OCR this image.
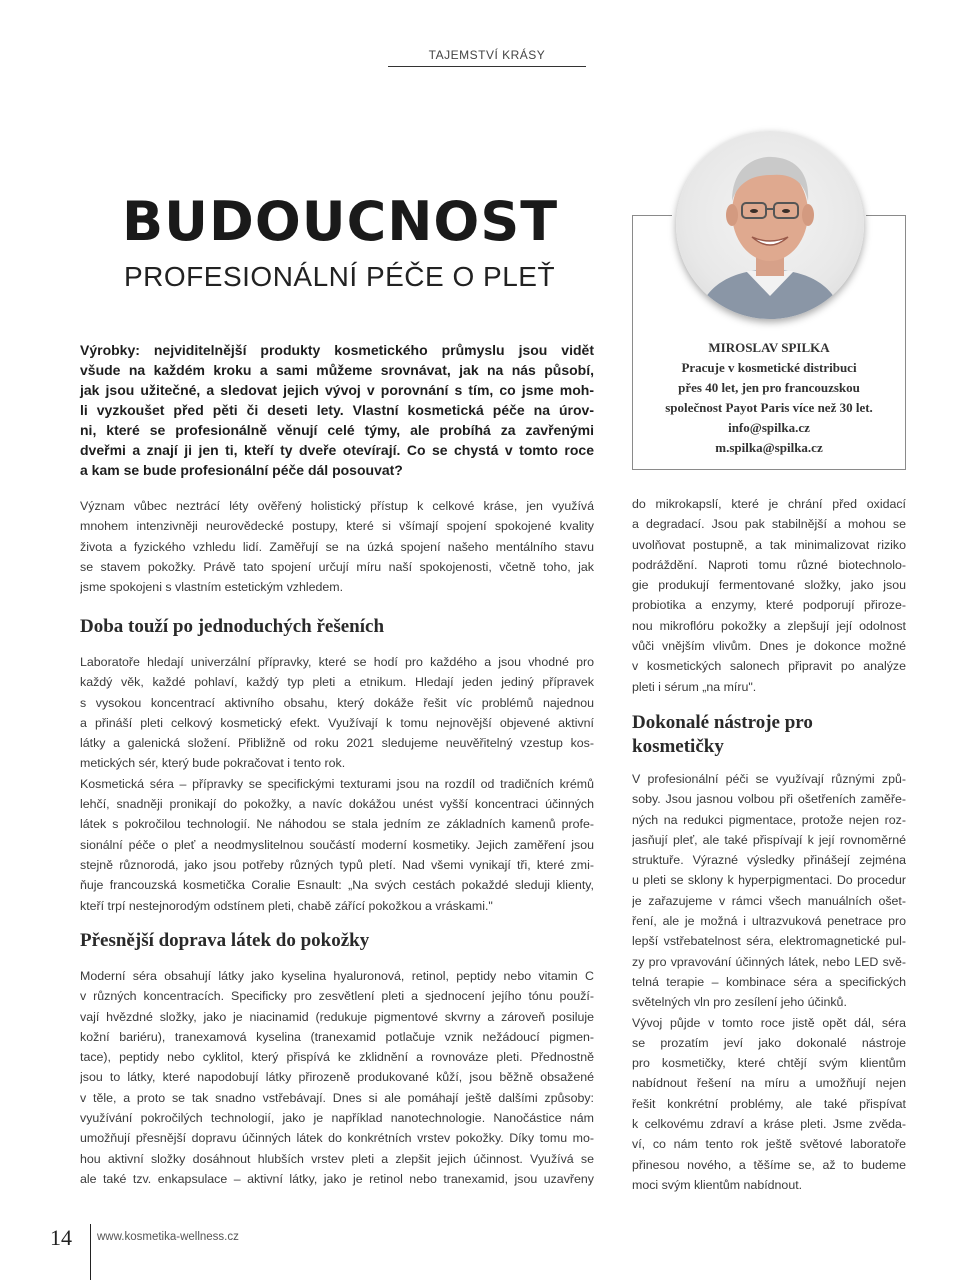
TAJEMSTVÍ KRÁSY
BUDOUCNOST
PROFESIONÁLNÍ PÉČE O PLEŤ
MIROSLAV SPILKA
Pracuje v kosmetické distribuci
přes 40 let, jen pro francouzskou
společnost Payot Paris více než 30 let.
info@spilka.cz
m.spilka@spilka.cz
Výrobky: nejviditelnější produkty kosmetického průmyslu jsou vidět
všude na každém kroku a sami můžeme srovnávat, jak na nás působí,
jak jsou užitečné, a sledovat jejich vývoj v porovnání s tím, co jsme moh-
li vyzkoušet před pěti či deseti lety. Vlastní kosmetická péče na úrov-
ni, které se profesionálně věnují celé týmy, ale probíhá za zavřenými
dveřmi a znají ji jen ti, kteří ty dveře otevírají. Co se chystá v tomto roce
a kam se bude profesionální péče dál posouvat?
Význam vůbec neztrácí léty ověřený holistický přístup k celkové kráse, jen využívá
mnohem intenzivněji neurovědecké postupy, které si všímají spojení spokojené kvality
života a fyzického vzhledu lidí. Zaměřují se na úzká spojení našeho mentálního stavu
se stavem pokožky. Právě tato spojení určují míru naší spokojenosti, včetně toho, jak
jsme spokojeni s vlastním estetickým vzhledem.
Doba touží po jednoduchých řešeních
Laboratoře hledají univerzální přípravky, které se hodí pro každého a jsou vhodné pro
každý věk, každé pohlaví, každý typ pleti a etnikum. Hledají jeden jediný přípravek
s vysokou koncentrací aktivního obsahu, který dokáže řešit víc problémů najednou
a přináší pleti celkový kosmetický efekt. Využívají k tomu nejnovější objevené aktivní
látky a galenická složení. Přibližně od roku 2021 sledujeme neuvěřitelný vzestup kos-
metických sér, který bude pokračovat i tento rok.
Kosmetická séra – přípravky se specifickými texturami jsou na rozdíl od tradičních krémů
lehčí, snadněji pronikají do pokožky, a navíc dokážou unést vyšší koncentraci účinných
látek s pokročilou technologií. Ne náhodou se stala jedním ze základních kamenů profe-
sionální péče o pleť a neodmyslitelnou součástí moderní kosmetiky. Jejich zaměření jsou
stejně různorodá, jako jsou potřeby různých typů pletí. Nad všemi vynikají tři, které zmi-
ňuje francouzská kosmetička Coralie Esnault: „Na svých cestách pokaždé sleduji klienty,
kteří trpí nestejnorodým odstínem pleti, chabě zářící pokožkou a vráskami."
Přesnější doprava látek do pokožky
Moderní séra obsahují látky jako kyselina hyaluronová, retinol, peptidy nebo vitamin C
v různých koncentracích. Specificky pro zesvětlení pleti a sjednocení jejího tónu použí-
vají hvězdné složky, jako je niacinamid (redukuje pigmentové skvrny a zároveň posiluje
kožní bariéru), tranexamová kyselina (tranexamid potlačuje vznik nežádoucí pigmen-
tace), peptidy nebo cyklitol, který přispívá ke zklidnění a rovnováze pleti. Přednostně
jsou to látky, které napodobují látky přirozeně produkované kůží, jsou běžně obsažené
v těle, a proto se tak snadno vstřebávají. Dnes si ale pomáhají ještě dalšími způsoby:
využívání pokročilých technologií, jako je například nanotechnologie. Nanočástice nám
umožňují přesnější dopravu účinných látek do konkrétních vrstev pokožky. Díky tomu mo-
hou aktivní složky dosáhnout hlubších vrstev pleti a zlepšit jejich účinnost. Využívá se
ale také tzv. enkapsulace – aktivní látky, jako je retinol nebo tranexamid, jsou uzavřeny
do mikrokapslí, které je chrání před oxidací
a degradací. Jsou pak stabilnější a mohou se
uvolňovat postupně, a tak minimalizovat riziko
podráždění. Naproti tomu různé biotechnolo-
gie produkují fermentované složky, jako jsou
probiotika a enzymy, které podporují přiroze-
nou mikroflóru pokožky a zlepšují její odolnost
vůči vnějším vlivům. Dnes je dokonce možné
v kosmetických salonech připravit po analýze
pleti i sérum „na míru".
Dokonalé nástroje pro kosmetičky
V profesionální péči se využívají různými způ-
soby. Jsou jasnou volbou při ošetřeních zaměře-
ných na redukci pigmentace, protože nejen roz-
jasňují pleť, ale také přispívají k její rovnoměrné
struktuře. Výrazné výsledky přinášejí zejména
u pleti se sklony k hyperpigmentaci. Do procedur
je zařazujeme v rámci všech manuálních ošet-
ření, ale je možná i ultrazvuková penetrace pro
lepší vstřebatelnost séra, elektromagnetické pul-
zy pro vpravování účinných látek, nebo LED svě-
telná terapie – kombinace séra a specifických
světelných vln pro zesílení jeho účinků.
Vývoj půjde v tomto roce jistě opět dál, séra
se prozatím jeví jako dokonalé nástroje
pro kosmetičky, které chtějí svým klientům
nabídnout řešení na míru a umožňují nejen
řešit konkrétní problémy, ale také přispívat
k celkovému zdraví a kráse pleti. Jsme zvěda-
ví, co nám tento rok ještě světové laboratoře
přinesou nového, a těšíme se, až to budeme
moci svým klientům nabídnout.
14	www.kosmetika-wellness.cz
